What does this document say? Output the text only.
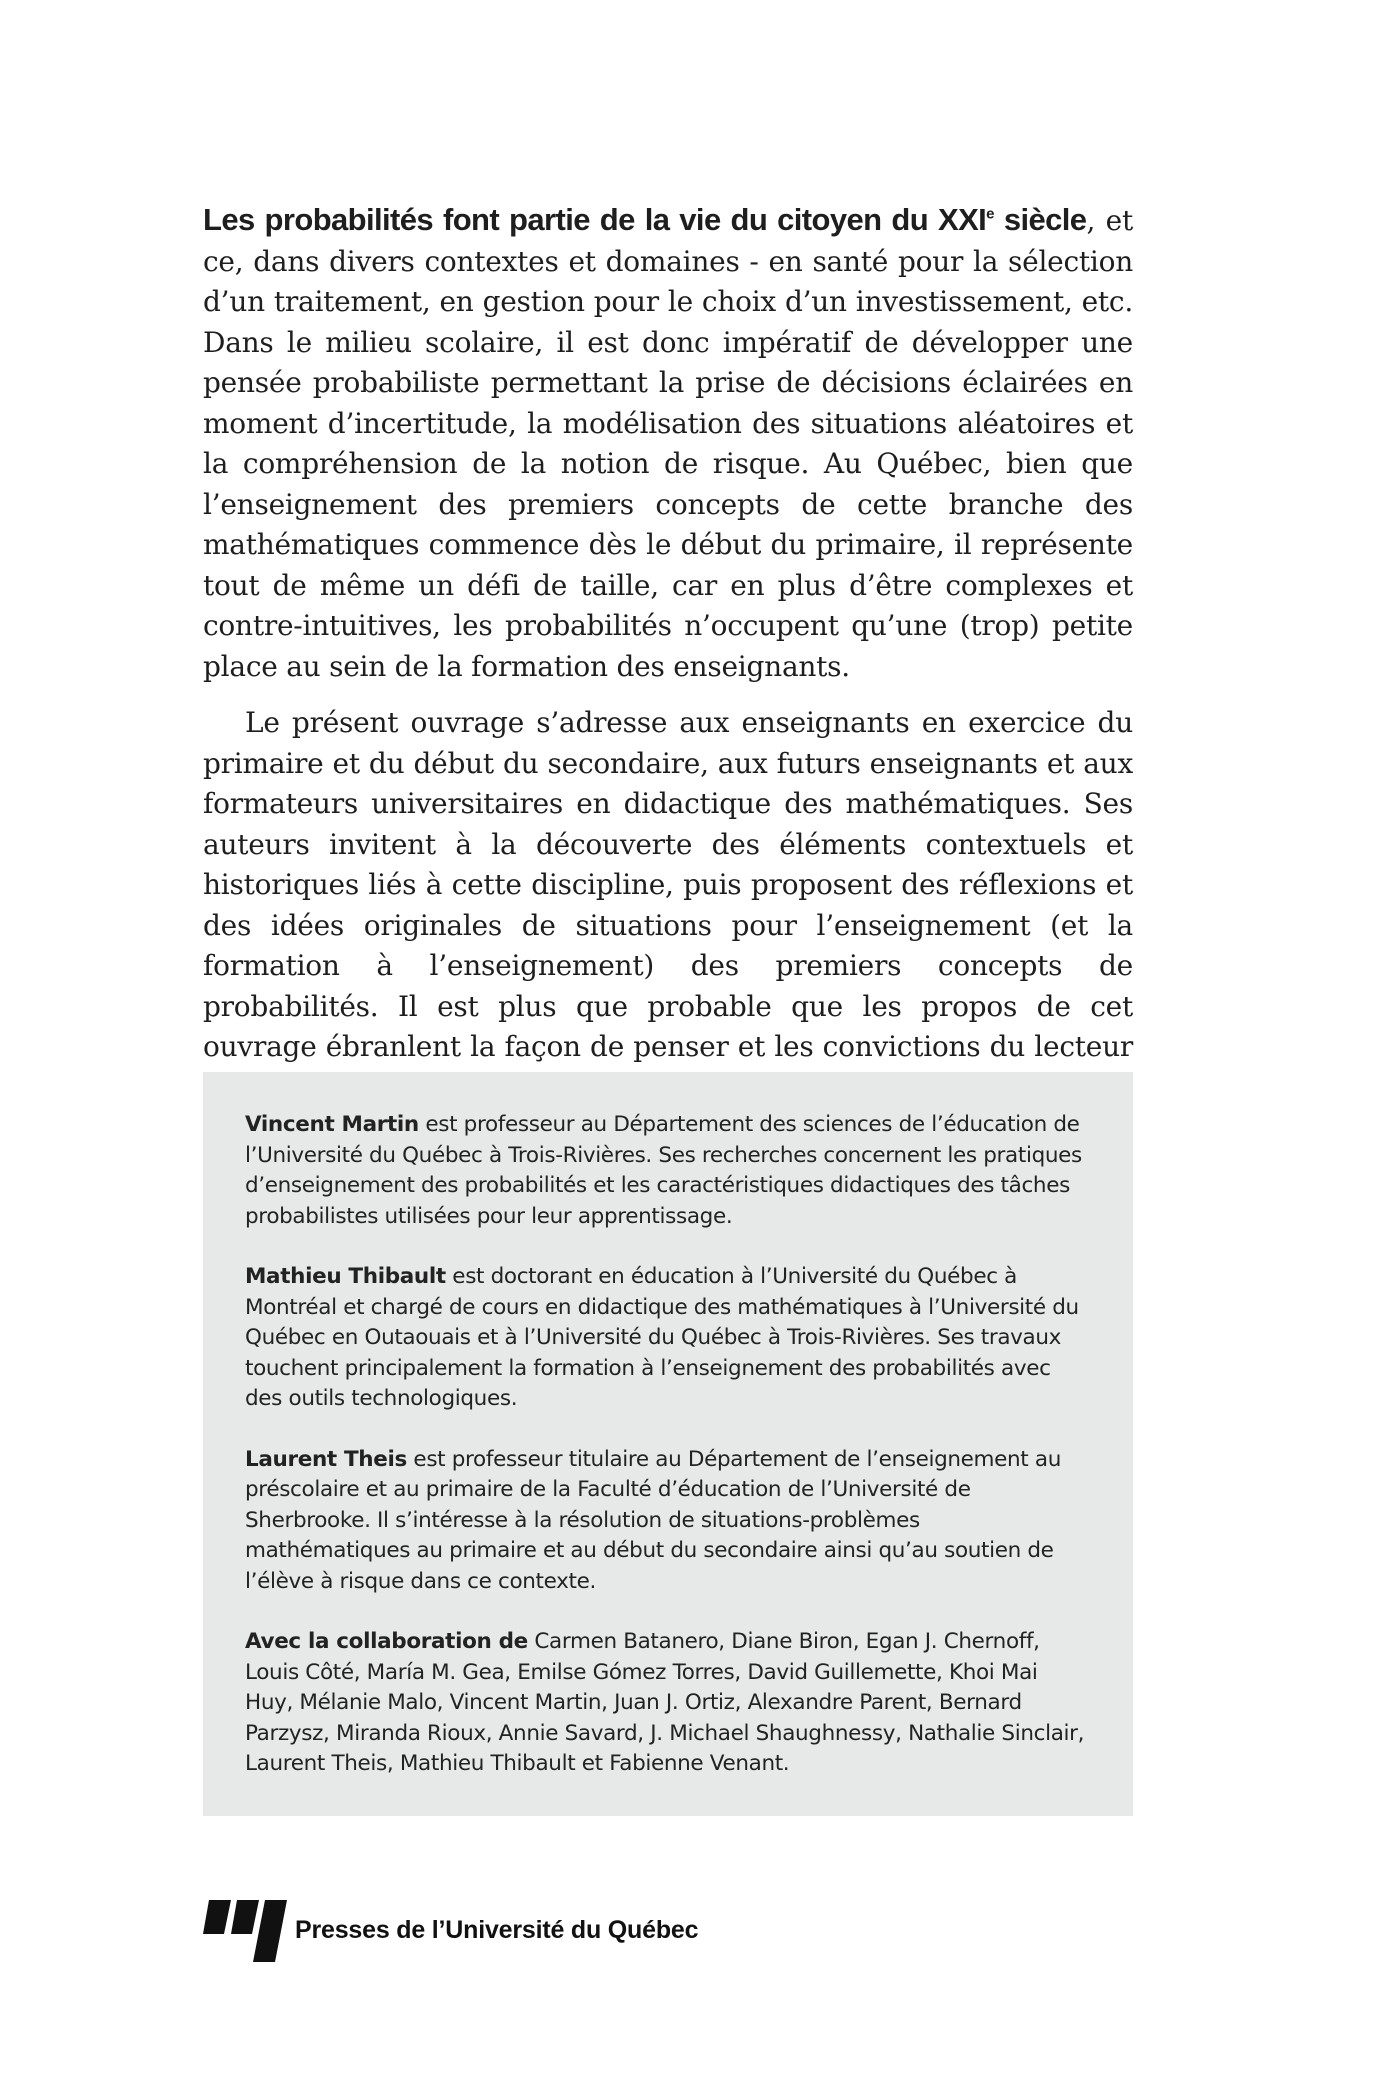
Les probabilités font partie de la vie du citoyen du XXIe siècle, et ce, dans divers contextes et domaines - en santé pour la sélection d’un traitement, en gestion pour le choix d’un investissement, etc. Dans le milieu scolaire, il est donc impératif de développer une pensée probabiliste permettant la prise de décisions éclairées en moment d’incertitude, la modélisation des situations aléatoires et la compréhension de la notion de risque. Au Québec, bien que l’enseignement des premiers concepts de cette branche des mathématiques commence dès le début du primaire, il représente tout de même un défi de taille, car en plus d’être complexes et contre-intuitives, les probabilités n’occupent qu’une (trop) petite place au sein de la formation des enseignants.

Le présent ouvrage s’adresse aux enseignants en exercice du primaire et du début du secondaire, aux futurs enseignants et aux formateurs universitaires en didactique des mathématiques. Ses auteurs invitent à la découverte des éléments contextuels et historiques liés à cette discipline, puis proposent des réflexions et des idées originales de situations pour l’enseignement (et la formation à l’enseignement) des premiers concepts de probabilités. Il est plus que probable que les propos de cet ouvrage ébranlent la façon de penser et les convictions du lecteur

Vincent Martin est professeur au Département des sciences de l’éducation de l’Université du Québec à Trois-Rivières. Ses recherches concernent les pratiques d’enseignement des probabilités et les caractéristiques didactiques des tâches probabilistes utilisées pour leur apprentissage.

Mathieu Thibault est doctorant en éducation à l’Université du Québec à Montréal et chargé de cours en didactique des mathématiques à l’Université du Québec en Outaouais et à l’Université du Québec à Trois-Rivières. Ses travaux touchent principalement la formation à l’enseignement des probabilités avec des outils technologiques.

Laurent Theis est professeur titulaire au Département de l’enseignement au préscolaire et au primaire de la Faculté d’éducation de l’Université de Sherbrooke. Il s’intéresse à la résolution de situations-problèmes mathématiques au primaire et au début du secondaire ainsi qu’au soutien de l’élève à risque dans ce contexte.

Avec la collaboration de Carmen Batanero, Diane Biron, Egan J. Chernoff, Louis Côté, María M. Gea, Emilse Gómez Torres, David Guillemette, Khoi Mai Huy, Mélanie Malo, Vincent Martin, Juan J. Ortiz, Alexandre Parent, Bernard Parzysz, Miranda Rioux, Annie Savard, J. Michael Shaughnessy, Nathalie Sinclair, Laurent Theis, Mathieu Thibault et Fabienne Venant.

Presses de l’Université du Québec
